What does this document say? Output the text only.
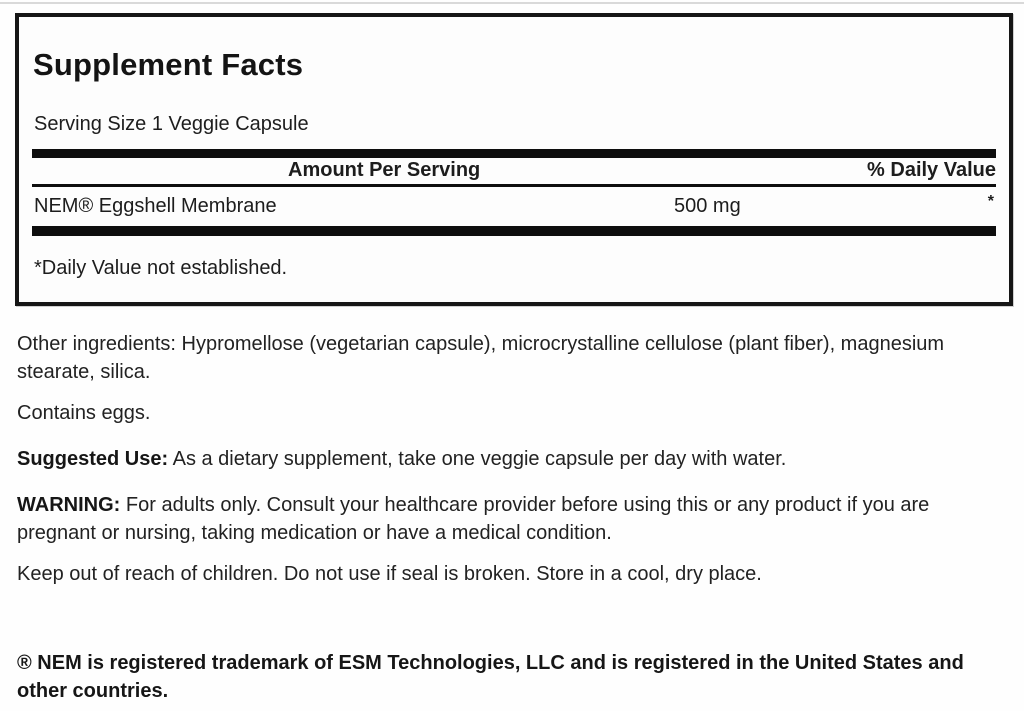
Supplement Facts
Serving Size 1 Veggie Capsule
Amount Per Serving	% Daily Value
NEM® Eggshell Membrane	500 mg	*
*Daily Value not established.
Other ingredients: Hypromellose (vegetarian capsule), microcrystalline cellulose (plant fiber), magnesium stearate, silica.
Contains eggs.
Suggested Use: As a dietary supplement, take one veggie capsule per day with water.
WARNING: For adults only. Consult your healthcare provider before using this or any product if you are pregnant or nursing, taking medication or have a medical condition.
Keep out of reach of children. Do not use if seal is broken. Store in a cool, dry place.
® NEM is registered trademark of ESM Technologies, LLC and is registered in the United States and other countries.
